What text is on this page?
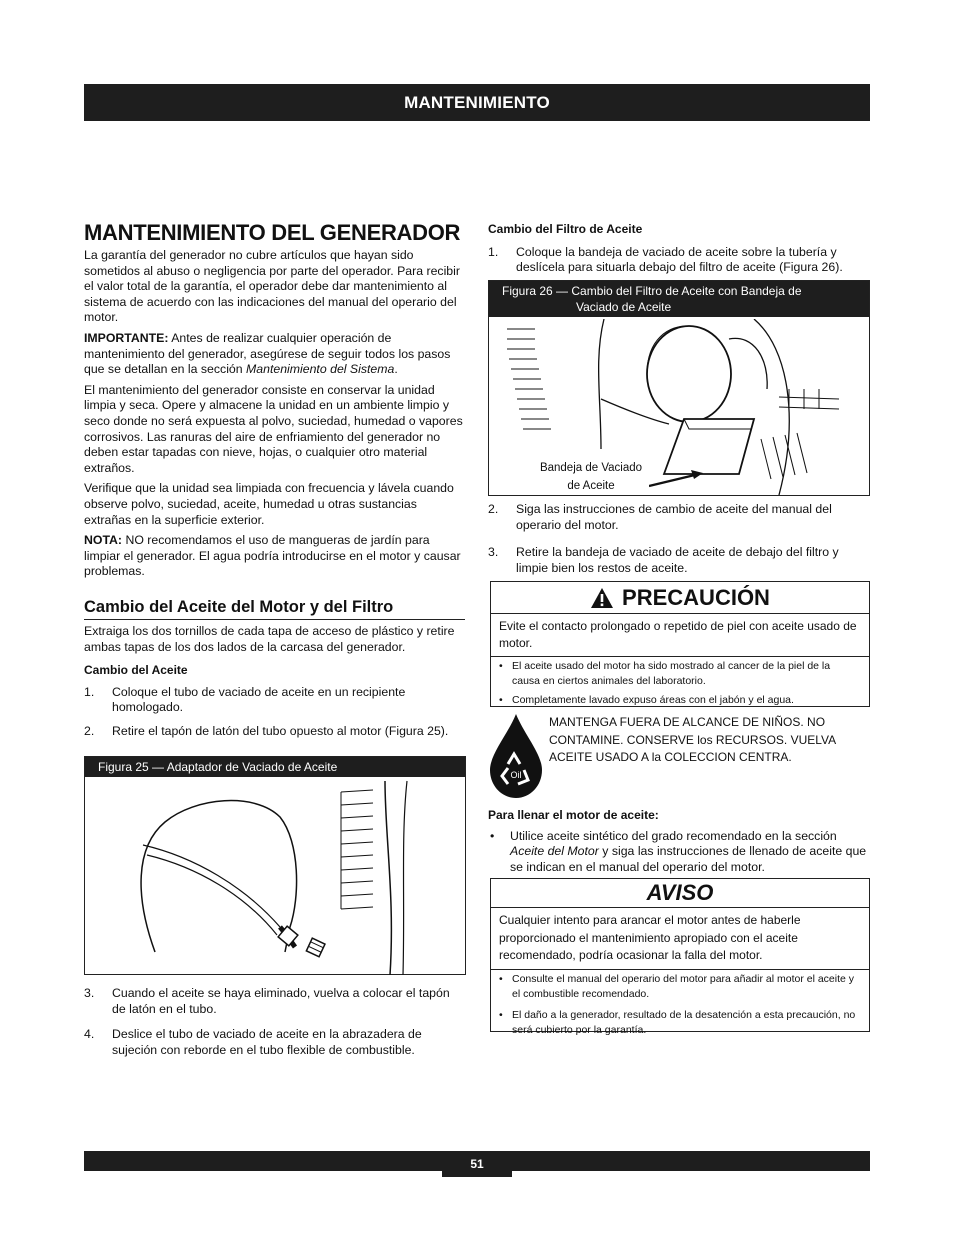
MANTENIMIENTO
MANTENIMIENTO DEL GENERADOR

La garantía del generador no cubre artículos que hayan sido sometidos al abuso o negligencia por parte del operador. Para recibir el valor total de la garantía, el operador debe dar mantenimiento al sistema de acuerdo con las indicaciones del manual del operario del motor.

IMPORTANTE: Antes de realizar cualquier operación de mantenimiento del generador, asegúrese de seguir todos los pasos que se detallan en la sección Mantenimiento del Sistema.

El mantenimiento del generador consiste en conservar la unidad limpia y seca. Opere y almacene la unidad en un ambiente limpio y seco donde no será expuesta al polvo, suciedad, humedad o vapores corrosivos. Las ranuras del aire de enfriamiento del generador no deben estar tapadas con nieve, hojas, o cualquier otro material extraños.

Verifique que la unidad sea limpiada con frecuencia y lávela cuando observe polvo, suciedad, aceite, humedad u otras sustancias extrañas en la superficie exterior.

NOTA: NO recomendamos el uso de mangueras de jardín para limpiar el generador. El agua podría introducirse en el motor y causar problemas.

Cambio del Aceite del Motor y del Filtro

Extraiga los dos tornillos de cada tapa de acceso de plástico y retire ambas tapas de los dos lados de la carcasa del generador.

Cambio del Aceite

1. Coloque el tubo de vaciado de aceite en un recipiente homologado.
2. Retire el tapón de latón del tubo opuesto al motor (Figura 25).
Figura 25 — Adaptador de Vaciado de Aceite
3. Cuando el aceite se haya eliminado, vuelva a colocar el tapón de latón en el tubo.
4. Deslice el tubo de vaciado de aceite en la abrazadera de sujeción con reborde en el tubo flexible de combustible.

Cambio del Filtro de Aceite

1. Coloque la bandeja de vaciado de aceite sobre la tubería y deslícela para situarla debajo del filtro de aceite (Figura 26).
Figura 26 — Cambio del Filtro de Aceite con Bandeja de
Vaciado de Aceite
Bandeja de Vaciado
de Aceite
2. Siga las instrucciones de cambio de aceite del manual del operario del motor.
3. Retire la bandeja de vaciado de aceite de debajo del filtro y limpie bien los restos de aceite.
PRECAUCIÓN
Evite el contacto prolongado o repetido de piel con aceite usado de motor.
• El aceite usado del motor ha sido mostrado al cancer de la piel de la causa en ciertos animales del laboratorio.
• Completamente lavado expuso áreas con el jabón y el agua.
Oil
MANTENGA FUERA DE ALCANCE DE NIÑOS. NO
CONTAMINE. CONSERVE los RECURSOS. VUELVA
ACEITE USADO A la COLECCION CENTRA.

Para llenar el motor de aceite:

• Utilice aceite sintético del grado recomendado en la sección Aceite del Motor y siga las instrucciones de llenado de aceite que se indican en el manual del operario del motor.
AVISO
Cualquier intento para arancar el motor antes de haberle proporcionado el mantenimiento apropiado con el aceite recomendado, podría ocasionar la falla del motor.
• Consulte el manual del operario del motor para añadir al motor el aceite y el combustible recomendado.
• El daño a la generador, resultado de la desatención a esta precaución, no será cubierto por la garantía.
51
